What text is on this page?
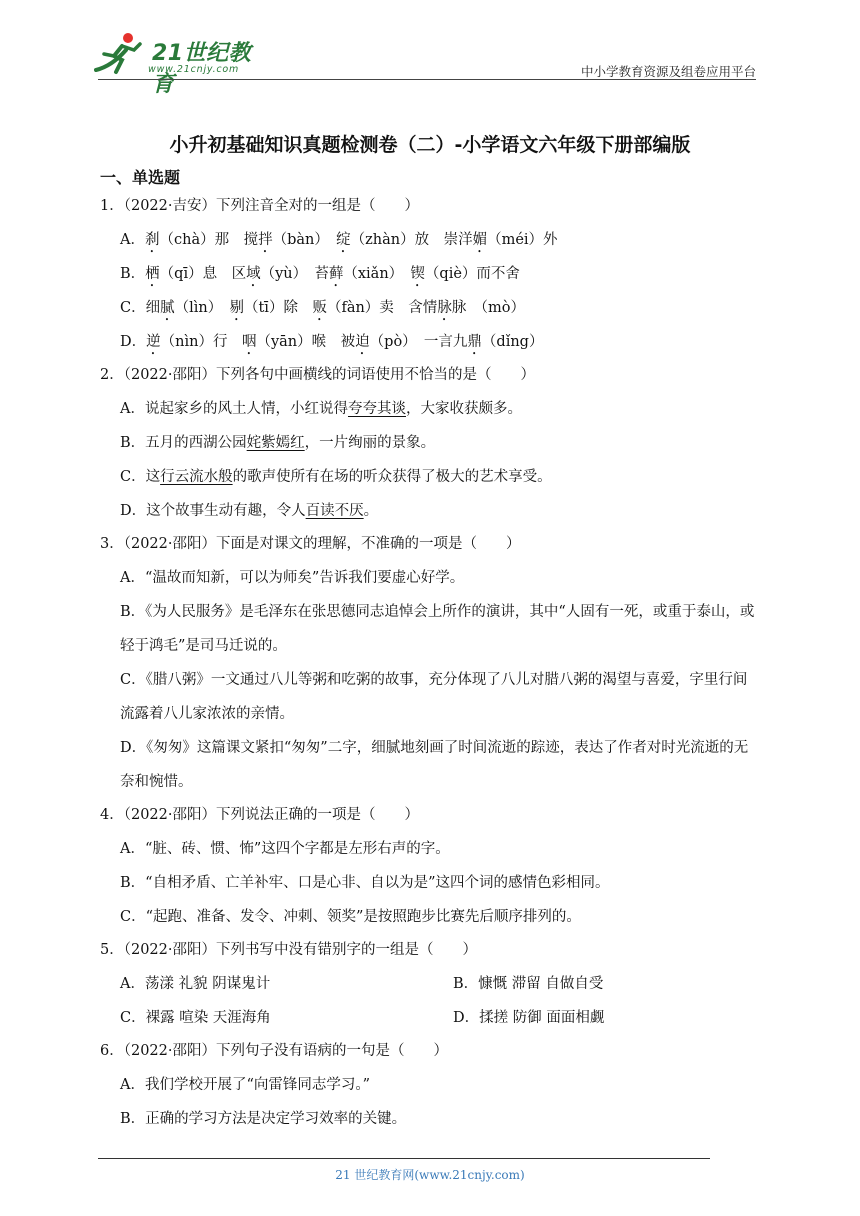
21世纪教育
www.21cnjy.com	中小学教育资源及组卷应用平台
小升初基础知识真题检测卷（二）-小学语文六年级下册部编版
一、单选题
1．（2022·吉安）下列注音全对的一组是（　　）
A．刹（chà）那　搅拌（bàn）　绽（zhàn）放　崇洋媚（méi）外
B．栖（qī）息　区域（yù）　苔藓（xiǎn）　锲（qiè）而不舍
C．细腻（lìn）　剔（tī）除　贩（fàn）卖　含情脉脉　（mò）
D．逆（nìn）行　咽（yān）喉　被迫（pò）　一言九鼎（dǐng）
2．（2022·邵阳）下列各句中画横线的词语使用不恰当的是（　　）
A．说起家乡的风土人情，小红说得夸夸其谈，大家收获颇多。
B．五月的西湖公园姹紫嫣红，一片绚丽的景象。
C．这行云流水般的歌声使所有在场的听众获得了极大的艺术享受。
D．这个故事生动有趣，令人百读不厌。
3．（2022·邵阳）下面是对课文的理解，不准确的一项是（　　）
A．“温故而知新，可以为师矣”告诉我们要虚心好学。
B．《为人民服务》是毛泽东在张思德同志追悼会上所作的演讲，其中“人固有一死，或重于泰山，或轻于鸿毛”是司马迁说的。
C．《腊八粥》一文通过八儿等粥和吃粥的故事，充分体现了八儿对腊八粥的渴望与喜爱，字里行间流露着八儿家浓浓的亲情。
D．《匆匆》这篇课文紧扣“匆匆”二字，细腻地刻画了时间流逝的踪迹，表达了作者对时光流逝的无奈和惋惜。
4．（2022·邵阳）下列说法正确的一项是（　　）
A．“脏、砖、惯、怖”这四个字都是左形右声的字。
B．“自相矛盾、亡羊补牢、口是心非、自以为是”这四个词的感情色彩相同。
C．“起跑、准备、发令、冲刺、领奖”是按照跑步比赛先后顺序排列的。
5．（2022·邵阳）下列书写中没有错别字的一组是（　　）
A．荡漾 礼貌 阴谋鬼计	B．慷慨 滞留 自做自受
C．裸露 喧染 天涯海角	D．揉搓 防御 面面相觑
6．（2022·邵阳）下列句子没有语病的一句是（　　）
A．我们学校开展了“向雷锋同志学习。”
B．正确的学习方法是决定学习效率的关键。
21 世纪教育网(www.21cnjy.com)
